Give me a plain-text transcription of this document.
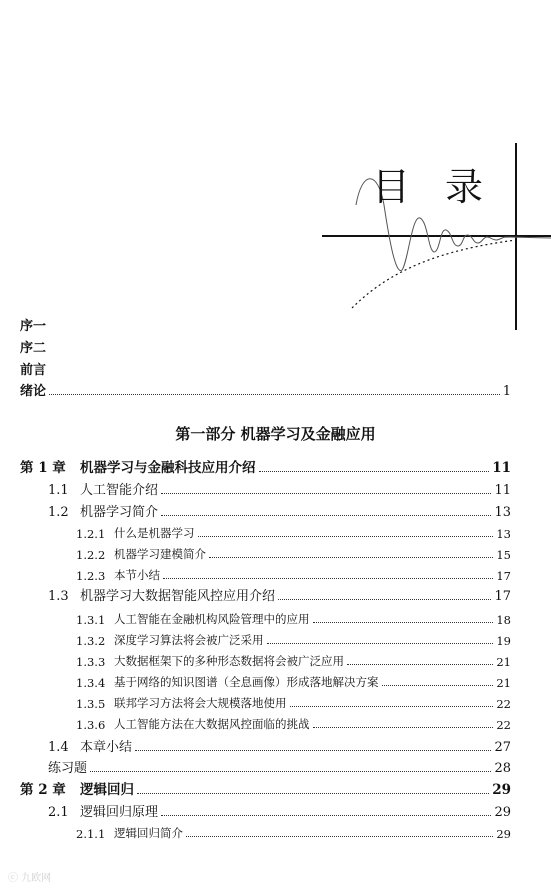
目 录
序一
序二
前言
绪论	1
第一部分 机器学习及金融应用
第 1 章	机器学习与金融科技应用介绍	11
1.1 人工智能介绍	11
1.2 机器学习简介	13
1.2.1 什么是机器学习	13
1.2.2 机器学习建模简介	15
1.2.3 本节小结	17
1.3 机器学习大数据智能风控应用介绍	17
1.3.1 人工智能在金融机构风险管理中的应用	18
1.3.2 深度学习算法将会被广泛采用	19
1.3.3 大数据框架下的多种形态数据将会被广泛应用	21
1.3.4 基于网络的知识图谱（全息画像）形成落地解决方案	21
1.3.5 联邦学习方法将会大规模落地使用	22
1.3.6 人工智能方法在大数据风控面临的挑战	22
1.4 本章小结	27
练习题	28
第 2 章	逻辑回归	29
2.1 逻辑回归原理	29
2.1.1 逻辑回归简介	29
ⓒ 九欧网
